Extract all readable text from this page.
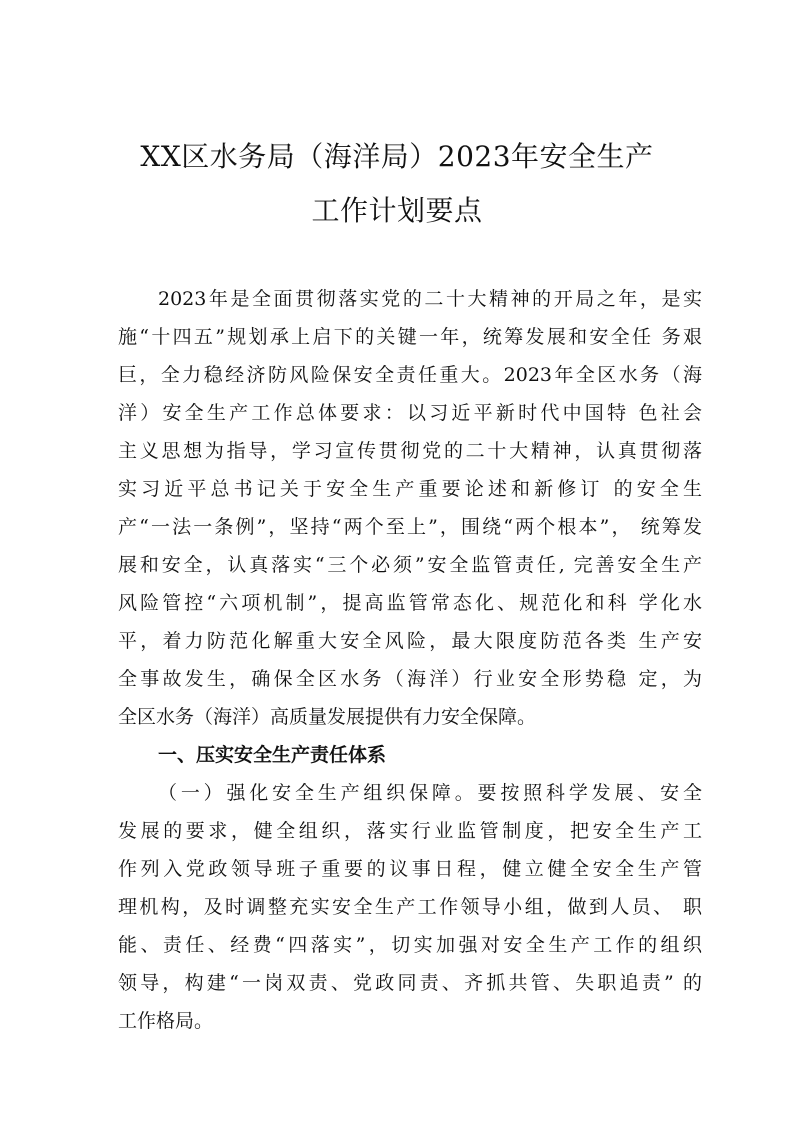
XX区水务局（海洋局）2023年安全生产
工作计划要点
2023年是全面贯彻落实党的二十大精神的开局之年，是实
施“十四五”规划承上启下的关键一年，统筹发展和安全任 务艰
巨，全力稳经济防风险保安全责任重大。2023年全区水务（海
洋）安全生产工作总体要求：以习近平新时代中国特 色社会
主义思想为指导，学习宣传贯彻党的二十大精神，认真贯彻落
实习近平总书记关于安全生产重要论述和新修订 的安全生
产“一法一条例”，坚持“两个至上”，围绕“两个根本”， 统筹发
展和安全，认真落实“三个必须”安全监管责任, 完善安全生产
风险管控“六项机制”，提高监管常态化、规范化和科 学化水
平，着力防范化解重大安全风险，最大限度防范各类 生产安
全事故发生，确保全区水务（海洋）行业安全形势稳 定，为
全区水务（海洋）高质量发展提供有力安全保障。
一、压实安全生产责任体系
（一）强化安全生产组织保障。要按照科学发展、安全
发展的要求，健全组织，落实行业监管制度，把安全生产工
作列入党政领导班子重要的议事日程，健立健全安全生产管
理机构，及时调整充实安全生产工作领导小组，做到人员、 职
能、责任、经费“四落实”，切实加强对安全生产工作的组织
领导，构建“一岗双责、党政同责、齐抓共管、失职追责” 的
工作格局。
